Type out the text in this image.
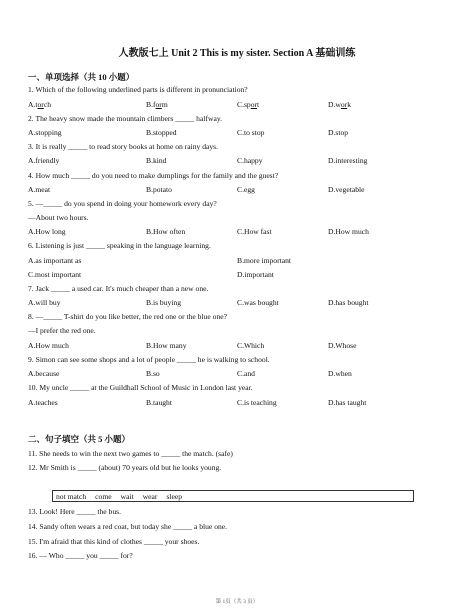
人教版七上 Unit 2 This is my sister. Section A 基础训练
一、单项选择（共 10 小题）
1. Which of the following underlined parts is different in pronunciation?
A.torch	B.form	C.sport	D.work
2. The heavy snow made the mountain climbers _____ halfway.
A.stopping	B.stopped	C.to stop	D.stop
3. It is really _____ to read story books at home on rainy days.
A.friendly	B.kind	C.happy	D.interesting
4. How much _____ do you need to make dumplings for the family and the guest?
A.meat	B.potato	C.egg	D.vegetable
5. —_____ do you spend in doing your homework every day?
—About two hours.
A.How long	B.How often	C.How fast	D.How much
6. Listening is just _____ speaking in the language learning.
A.as important as	B.more important
C.most important	D.important
7. Jack _____ a used car. It's much cheaper than a new one.
A.will buy	B.is buying	C.was bought	D.has bought
8. —_____ T-shirt do you like better, the red one or the blue one?
—I prefer the red one.
A.How much	B.How many	C.Which	D.Whose
9. Simon can see some shops and a lot of people _____ he is walking to school.
A.because	B.so	C.and	D.when
10. My uncle _____ at the Guildhall School of Music in London last year.
A.teaches	B.taught	C.is teaching	D.has taught
二、句子填空（共 5 小题）
11. She needs to win the next two games to _____ the match. (safe)
12. Mr Smith is _____ (about) 70 years old but he looks young.
not match come wait wear sleep
13. Look! Here _____ the bus.
14. Sandy often wears a red coat, but today she _____ a blue one.
15. I'm afraid that this kind of clothes _____ your shoes.
16. — Who _____ you _____ for?
第 1页（共 3 页）
